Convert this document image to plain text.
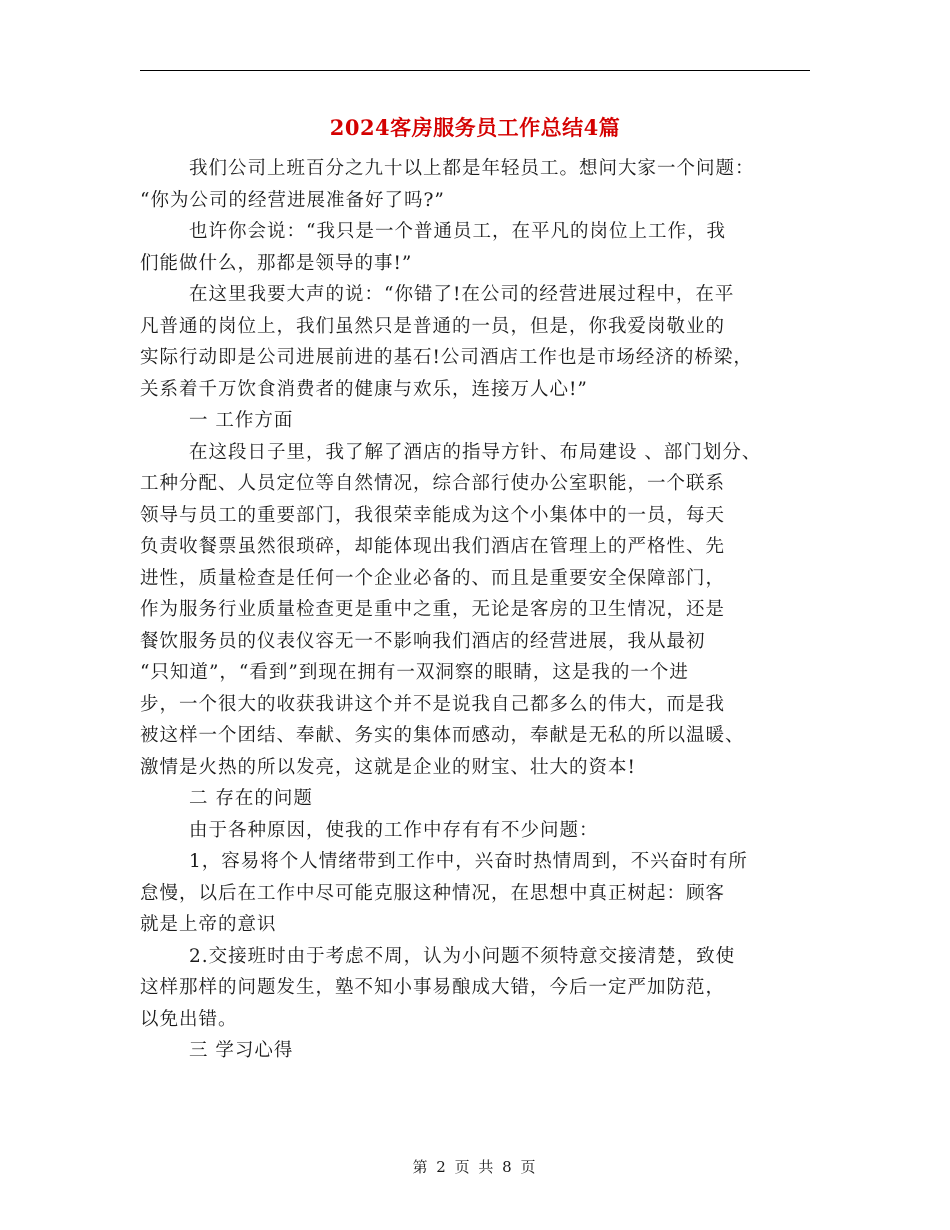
2024客房服务员工作总结4篇

我们公司上班百分之九十以上都是年轻员工。想问大家一个问题：
“你为公司的经营进展准备好了吗?”

也许你会说：“我只是一个普通员工，在平凡的岗位上工作，我
们能做什么，那都是领导的事!”

在这里我要大声的说：“你错了!在公司的经营进展过程中，在平
凡普通的岗位上，我们虽然只是普通的一员，但是，你我爱岗敬业的
实际行动即是公司进展前进的基石!公司酒店工作也是市场经济的桥梁，
关系着千万饮食消费者的健康与欢乐，连接万人心!”

一 工作方面

在这段日子里，我了解了酒店的指导方针、布局建设 、部门划分、
工种分配、人员定位等自然情况，综合部行使办公室职能，一个联系
领导与员工的重要部门，我很荣幸能成为这个小集体中的一员，每天
负责收餐票虽然很琐碎，却能体现出我们酒店在管理上的严格性、先
进性，质量检查是任何一个企业必备的、而且是重要安全保障部门，
作为服务行业质量检查更是重中之重，无论是客房的卫生情况，还是
餐饮服务员的仪表仪容无一不影响我们酒店的经营进展，我从最初
“只知道”，“看到”到现在拥有一双洞察的眼睛，这是我的一个进
步，一个很大的收获我讲这个并不是说我自己都多么的伟大，而是我
被这样一个团结、奉献、务实的集体而感动，奉献是无私的所以温暖、
激情是火热的所以发亮，这就是企业的财宝、壮大的资本!

二 存在的问题

由于各种原因，使我的工作中存有有不少问题：

1，容易将个人情绪带到工作中，兴奋时热情周到，不兴奋时有所
怠慢，以后在工作中尽可能克服这种情况，在思想中真正树起：顾客
就是上帝的意识

2.交接班时由于考虑不周，认为小问题不须特意交接清楚，致使
这样那样的问题发生，塾不知小事易酿成大错，今后一定严加防范，
以免出错。

三 学习心得

第 2 页 共 8 页
